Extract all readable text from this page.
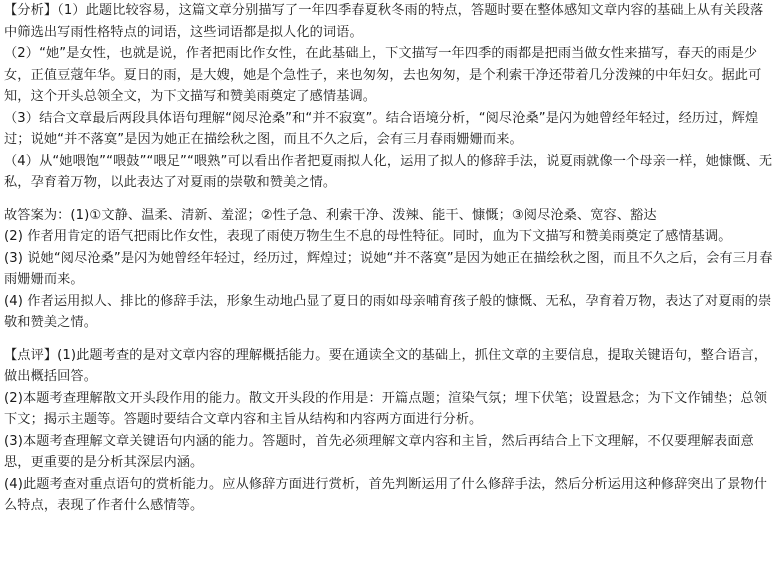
【分析】（1）此题比较容易，这篇文章分别描写了一年四季春夏秋冬雨的特点，答题时要在整体感知文章内容的基础上从有关段落中筛选出写雨性格特点的词语，这些词语都是拟人化的词语。

（2）“她”是女性，也就是说，作者把雨比作女性，在此基础上，下文描写一年四季的雨都是把雨当做女性来描写，春天的雨是少女，正值豆蔻年华。夏日的雨，是大嫂，她是个急性子，来也匆匆，去也匆匆，是个利索干净还带着几分泼辣的中年妇女。据此可知，这个开头总领全文，为下文描写和赞美雨奠定了感情基调。

（3）结合文章最后两段具体语句理解“阅尽沧桑”和“并不寂寞”。结合语境分析，“阅尽沧桑”是闪为她曾经年轻过，经历过，辉煌过；说她“并不落寞”是因为她正在描绘秋之图，而且不久之后，会有三月春雨姗姗而来。

（4）从“她喂饱”“喂鼓”“喂足”“喂熟”可以看出作者把夏雨拟人化，运用了拟人的修辞手法，说夏雨就像一个母亲一样，她慷慨、无私，孕育着万物，以此表达了对夏雨的崇敬和赞美之情。

故答案为：(1)①文静、温柔、清新、羞涩；②性子急、利索干净、泼辣、能干、慷慨；③阅尽沧桑、宽容、豁达

(2) 作者用肯定的语气把雨比作女性，表现了雨使万物生生不息的母性特征。同时，血为下文描写和赞美雨奠定了感情基调。

(3) 说她“阅尽沧桑”是闪为她曾经年轻过，经历过，辉煌过；说她“并不落寞”是因为她正在描绘秋之图，而且不久之后，会有三月春雨姗姗而来。

(4) 作者运用拟人、排比的修辞手法，形象生动地凸显了夏日的雨如母亲哺育孩子般的慷慨、无私，孕育着万物，表达了对夏雨的崇敬和赞美之情。

【点评】(1)此题考查的是对文章内容的理解概括能力。要在通读全文的基础上，抓住文章的主要信息，提取关键语句，整合语言，做出概括回答。

(2)本题考查理解散文开头段作用的能力。散文开头段的作用是：开篇点题；渲染气氛；埋下伏笔；设置悬念；为下文作铺垫；总领下文；揭示主题等。答题时要结合文章内容和主旨从结构和内容两方面进行分析。

(3)本题考查理解文章关键语句内涵的能力。答题时，首先必须理解文章内容和主旨，然后再结合上下文理解，不仅要理解表面意思，更重要的是分析其深层内涵。

(4)此题考查对重点语句的赏析能力。应从修辞方面进行赏析，首先判断运用了什么修辞手法，然后分析运用这种修辞突出了景物什么特点，表现了作者什么感情等。
